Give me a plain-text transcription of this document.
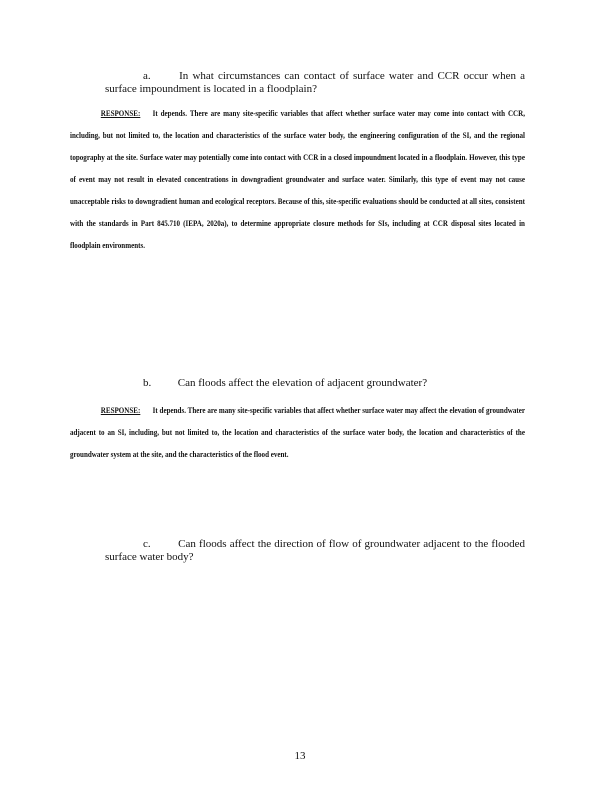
a.	In what circumstances can contact of surface water and CCR occur when a surface impoundment is located in a floodplain?
RESPONSE: It depends. There are many site-specific variables that affect whether surface water may come into contact with CCR, including, but not limited to, the location and characteristics of the surface water body, the engineering configuration of the SI, and the regional topography at the site. Surface water may potentially come into contact with CCR in a closed impoundment located in a floodplain. However, this type of event may not result in elevated concentrations in downgradient groundwater and surface water. Similarly, this type of event may not cause unacceptable risks to downgradient human and ecological receptors. Because of this, site-specific evaluations should be conducted at all sites, consistent with the standards in Part 845.710 (IEPA, 2020a), to determine appropriate closure methods for SIs, including at CCR disposal sites located in floodplain environments.
b. Can floods affect the elevation of adjacent groundwater?
RESPONSE: It depends. There are many site-specific variables that affect whether surface water may affect the elevation of groundwater adjacent to an SI, including, but not limited to, the location and characteristics of the surface water body, the location and characteristics of the groundwater system at the site, and the characteristics of the flood event.
c.	Can floods affect the direction of flow of groundwater adjacent to the flooded surface water body?
13
